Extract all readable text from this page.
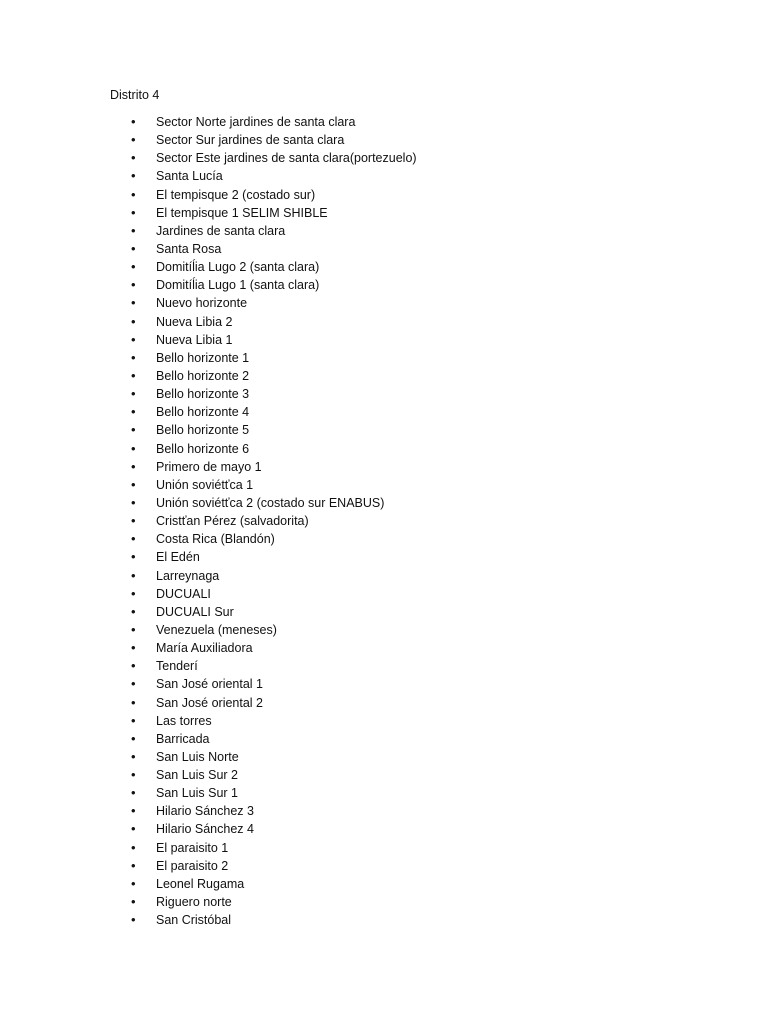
Distrito 4
• Sector Norte jardines de santa clara
• Sector Sur jardines de santa clara
• Sector Este jardines de santa clara(portezuelo)
• Santa Lucía
• El tempisque 2 (costado sur)
• El tempisque 1 SELIM SHIBLE
• Jardines de santa clara
• Santa Rosa
• Domitíĺia Lugo 2 (santa clara)
• Domitíĺia Lugo 1 (santa clara)
• Nuevo horizonte
• Nueva Libia 2
• Nueva Libia 1
• Bello horizonte 1
• Bello horizonte 2
• Bello horizonte 3
• Bello horizonte 4
• Bello horizonte 5
• Bello horizonte 6
• Primero de mayo 1
• Unión soviétťca 1
• Unión soviétťca 2 (costado sur ENABUS)
• Cristťan Pérez (salvadorita)
• Costa Rica (Blandón)
• El Edén
• Larreynaga
• DUCUALI
• DUCUALI Sur
• Venezuela (meneses)
• María Auxiliadora
• Tenderí
• San José oriental 1
• San José oriental 2
• Las torres
• Barricada
• San Luis Norte
• San Luis Sur 2
• San Luis Sur 1
• Hilario Sánchez 3
• Hilario Sánchez 4
• El paraisito 1
• El paraisito 2
• Leonel Rugama
• Riguero norte
• San Cristóbal
